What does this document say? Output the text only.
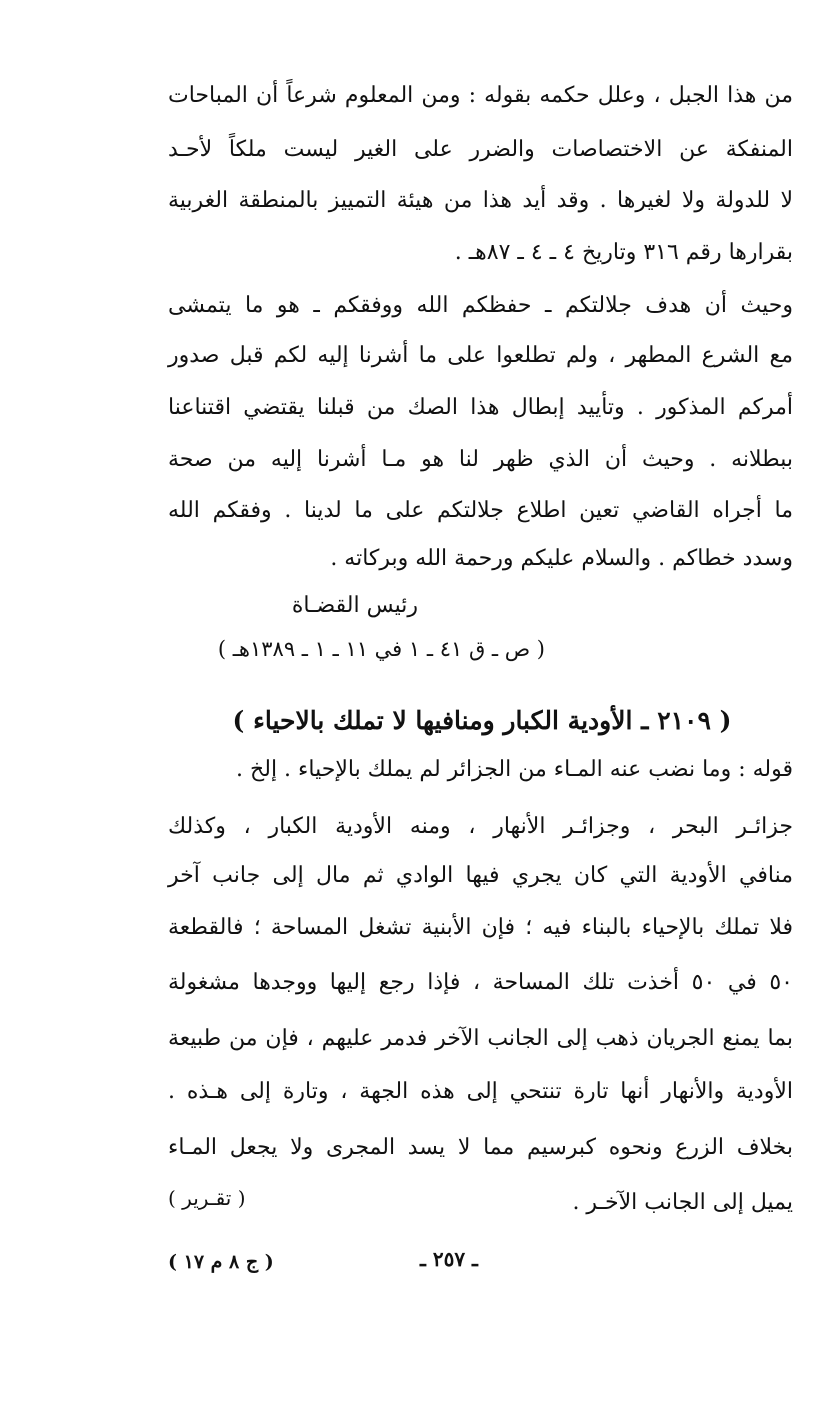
من هذا الجبل ، وعلل حكمه بقوله : ومن المعلوم شرعاً أن المباحات
المنفكة عن الاختصاصات والضرر على الغير ليست ملكاً لأحـد
لا للدولة ولا لغيرها . وقد أيد هذا من هيئة التمييز بالمنطقة الغربية
بقرارها رقم ٣١٦ وتاريخ ٤ ـ ٤ ـ ٨٧هـ .
وحيث أن هدف جلالتكم ـ حفظكم الله ووفقكم ـ هو ما يتمشى
مع الشرع المطهر ، ولم تطلعوا على ما أشرنا إليه لكم قبل صدور
أمركم المذكور . وتأييد إبطال هذا الصك من قبلنا يقتضي اقتناعنا
ببطلانه . وحيث أن الذي ظهر لنا هو مـا أشرنا إليه من صحة
ما أجراه القاضي تعين اطلاع جلالتكم على ما لدينا . وفقكم الله
وسدد خطاكم . والسلام عليكم ورحمة الله وبركاته .
رئيس القضـاة
( ص ـ ق ٤١ ـ ١ في ١١ ـ ١ ـ ١٣٨٩هـ )
( ٢١٠٩ ـ الأودية الكبار ومنافيها لا تملك بالاحياء )
قوله : وما نضب عنه المـاء من الجزائر لم يملك بالإحياء . إلخ .
جزائـر البحر ، وجزائـر الأنهار ، ومنه الأودية الكبار ، وكذلك
منافي الأودية التي كان يجري فيها الوادي ثم مال إلى جانب آخر
فلا تملك بالإحياء بالبناء فيه ؛ فإن الأبنية تشغل المساحة ؛ فالقطعة
٥٠ في ٥٠ أخذت تلك المساحة ، فإذا رجع إليها ووجدها مشغولة
بما يمنع الجريان ذهب إلى الجانب الآخر فدمر عليهم ، فإن من طبيعة
الأودية والأنهار أنها تارة تنتحي إلى هذه الجهة ، وتارة إلى هـذه .
بخلاف الزرع ونحوه كبرسيم مما لا يسد المجرى ولا يجعل المـاء
يميل إلى الجانب الآخـر .
( تقـرير )
ـ ٢٥٧ ـ
( ج ٨ م ١٧ )
